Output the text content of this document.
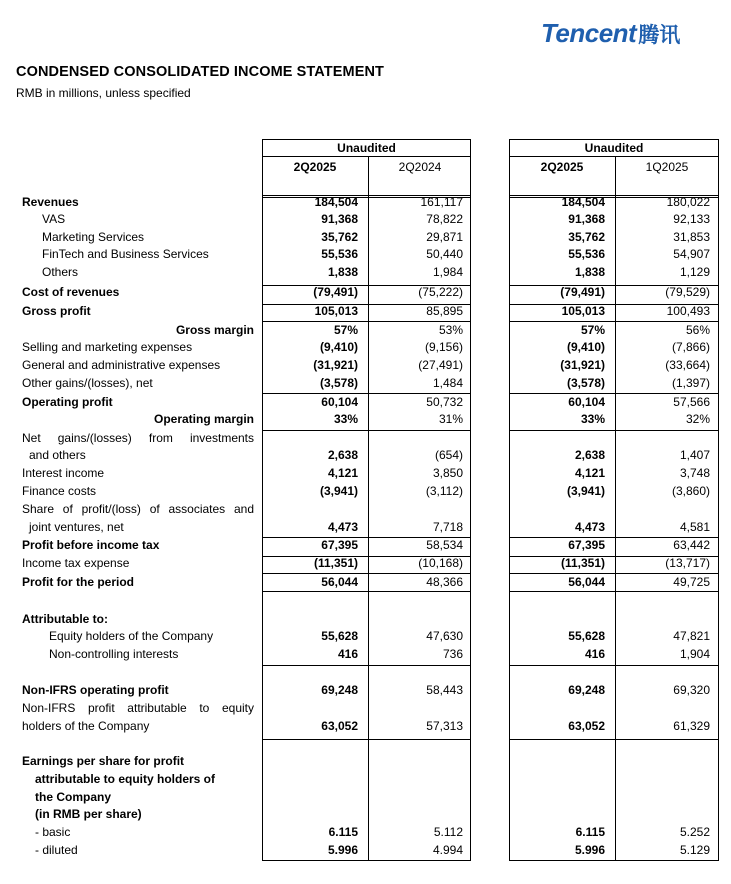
Tencent腾讯
CONDENSED CONSOLIDATED INCOME STATEMENT
RMB in millions, unless specified
Unaudited
2Q2025	2Q2024
Unaudited
2Q2025	1Q2025
Revenues	184,504	161,117	184,504	180,022
VAS	91,368	78,822	91,368	92,133
Marketing Services	35,762	29,871	35,762	31,853
FinTech and Business Services	55,536	50,440	55,536	54,907
Others	1,838	1,984	1,838	1,129
Cost of revenues	(79,491)	(75,222)	(79,491)	(79,529)
Gross profit	105,013	85,895	105,013	100,493
Gross margin	57%	53%	57%	56%
Selling and marketing expenses	(9,410)	(9,156)	(9,410)	(7,866)
General and administrative expenses	(31,921)	(27,491)	(31,921)	(33,664)
Other gains/(losses), net	(3,578)	1,484	(3,578)	(1,397)
Operating profit	60,104	50,732	60,104	57,566
Operating margin	33%	31%	33%	32%
Net gains/(losses) from investments
and others	2,638	(654)	2,638	1,407
Interest income	4,121	3,850	4,121	3,748
Finance costs	(3,941)	(3,112)	(3,941)	(3,860)
Share of profit/(loss) of associates and
joint ventures, net	4,473	7,718	4,473	4,581
Profit before income tax	67,395	58,534	67,395	63,442
Income tax expense	(11,351)	(10,168)	(11,351)	(13,717)
Profit for the period	56,044	48,366	56,044	49,725
Attributable to:
Equity holders of the Company	55,628	47,630	55,628	47,821
Non-controlling interests	416	736	416	1,904
Non-IFRS operating profit	69,248	58,443	69,248	69,320
Non-IFRS profit attributable to equity
holders of the Company	63,052	57,313	63,052	61,329
Earnings per share for profit
attributable to equity holders of
the Company
(in RMB per share)
- basic	6.115	5.112	6.115	5.252
- diluted	5.996	4.994	5.996	5.129
